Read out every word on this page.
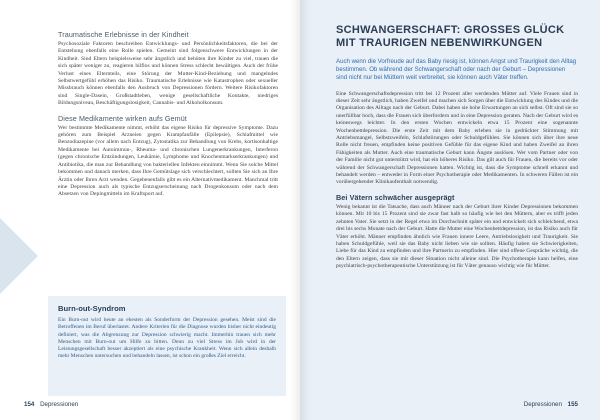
Traumatische Erlebnisse in der Kindheit

Psychosoziale Faktoren beschreiben Entwicklungs- und Persönlichkeitsfaktoren, die bei der Entstehung ebenfalls eine Rolle spielen. Gemeint sind folgenschwere Entwicklungen in der Kindheit. Sind Eltern beispielsweise sehr ängstlich und behüten ihre Kinder zu viel, trauen die sich später weniger zu, reagieren hilflos und können Stress schlecht bewältigen. Auch der frühe Verlust eines Elternteils, eine Störung der Mutter-Kind-Beziehung und mangelndes Selbstwertgefühl erhöhen das Risiko. Traumatische Erlebnisse wie Katastrophen oder sexueller Missbrauch können ebenfalls den Ausbruch von Depressionen fördern. Weitere Risikofaktoren sind Single-Dasein, Großstadtleben, wenige gesellschaftliche Kontakte, niedriges Bildungsniveau, Beschäftigungslosigkeit, Cannabis- und Alkoholkonsum.

Diese Medikamente wirken aufs Gemüt

Wer bestimmte Medikamente nimmt, erhöht das eigene Risiko für depressive Symptome. Dazu gehören zum Beispiel Arzneien gegen Krampfanfälle (Epilepsie), Schlafmittel wie Benzodiazepine (vor allem nach Entzug), Zytostatika zur Behandlung von Krebs, kortisonhaltige Medikamente bei Autoimmun-, Rheuma- und chronischen Lungenerkrankungen, Interferon (gegen chronische Entzündungen, Leukämie, Lymphome und Knochenmarkserkrankungen) und Antibiotika, die man zur Behandlung von bakteriellen Infekten einnimmt. Wenn Sie solche Mittel bekommen und danach merken, dass Ihre Gemütslage sich verschlechtert, sollten Sie sich an Ihre Ärztin oder Ihren Arzt wenden. Gegebenenfalls gibt es ein Alternativmedikament. Manchmal tritt eine Depression auch als typische Entzugserscheinung nach Drogenkonsum oder nach dem Absetzen von Depingmitteln im Kraftsport auf.

Burn-out-Syndrom

Ein Burn-out wird heute an ehesten als Sonderform der Depression gesehen. Meist sind die Betroffenen im Beruf überlastet. Andere Kriterien für die Diagnose wurden bisher nicht eindeutig definiert, was die Abgrenzung zur Depression schwierig macht. Immerhin trauen sich mehr Menschen mit Burn-out um Hilfe zu bitten. Denn zu viel Stress im Job wird in der Leistungsgesellschaft besser akzeptiert als eine psychische Krankheit. Wenn sich allein deshalb mehr Menschen untersuchen und behandeln lassen, ist schon ein großes Ziel erreicht.

154 Depressionen

SCHWANGERSCHAFT: GROSSES GLÜCK
MIT TRAURIGEN NEBENWIRKUNGEN

Auch wenn die Vorfreude auf das Baby riesig ist, können Angst und Traurigkeit den Alltag bestimmen. Ob während der Schwangerschaft oder nach der Geburt – Depressionen sind nicht nur bei Müttern weit verbreitet, sie können auch Väter treffen.

Eine Schwangerschaftsdepression tritt bei 12 Prozent aller werdenden Mütter auf. Viele Frauen sind in dieser Zeit sehr ängstlich, haben Zweifel und machen sich Sorgen über die Entwicklung des Kindes und die Organisation des Alltags nach der Geburt. Dabei haben sie hohe Erwartungen an sich selbst. Oft sind sie so unerfüllbar hoch, dass die Frauen sich überfordern und in eine Depression geraten. Nach der Geburt wird es keineswegs leichter. In den ersten Wochen entwickeln etwa 15 Prozent eine sogenannte Wochenbettdepression. Die erste Zeit mit dem Baby erleben sie in gedrückter Stimmung mit Antriebsmangel, Selbstzweifeln, Schlafstörungen oder Schuldgefühlen. Sie können sich über ihre neue Rolle nicht freuen, empfinden keine positiven Gefühle für das eigene Kind und haben Zweifel an ihren Fähigkeiten als Mutter. Auch eine traumatische Geburt kann Ängste auslösen. Wer vom Partner oder von der Familie nicht gut unterstützt wird, hat ein höheres Risiko. Das gilt auch für Frauen, die bereits vor oder während der Schwangerschaft Depressionen hatten. Wichtig ist, dass die Symptome schnell erkannt und behandelt werden – entweder in Form einer Psychotherapie oder Medikamenten. In schweren Fällen ist ein vorübergehender Klinikaufenthalt notwendig.

Bei Vätern schwächer ausgeprägt

Wenig bekannt ist die Tatsache, dass auch Männer nach der Geburt ihrer Kinder Depressionen bekommen können. Mit 10 bis 15 Prozent sind sie zwar fast halb so häufig wie bei den Müttern, aber es trifft jeden zehnten Vater. Sie setzt in der Regel etwa im Durchschnitt später ein und entwickelt sich schleichend, etwa drei bis sechs Monate nach der Geburt. Hatte die Mutter eine Wochenbettdepression, ist das Risiko auch für Väter erhöht. Männer empfinden ähnlich wie Frauen innere Leere, Antriebslosigkeit und Traurigkeit. Sie haben Schuldgefühle, weil sie das Baby nicht lieben wie sie sollten. Häufig haben sie Schwierigkeiten, Liebe für das Kind zu empfinden und ihre Partnerin zu empfinden. Hier sind offene Gespräche wichtig, die den Eltern zeigen, dass sie mit dieser Situation nicht alleine sind. Die Psychotherapie kann helfen, eine psychiatrisch-psychotherapeutische Unterstützung ist für Väter genauso wichtig wie für Mütter.

Depressionen 155
